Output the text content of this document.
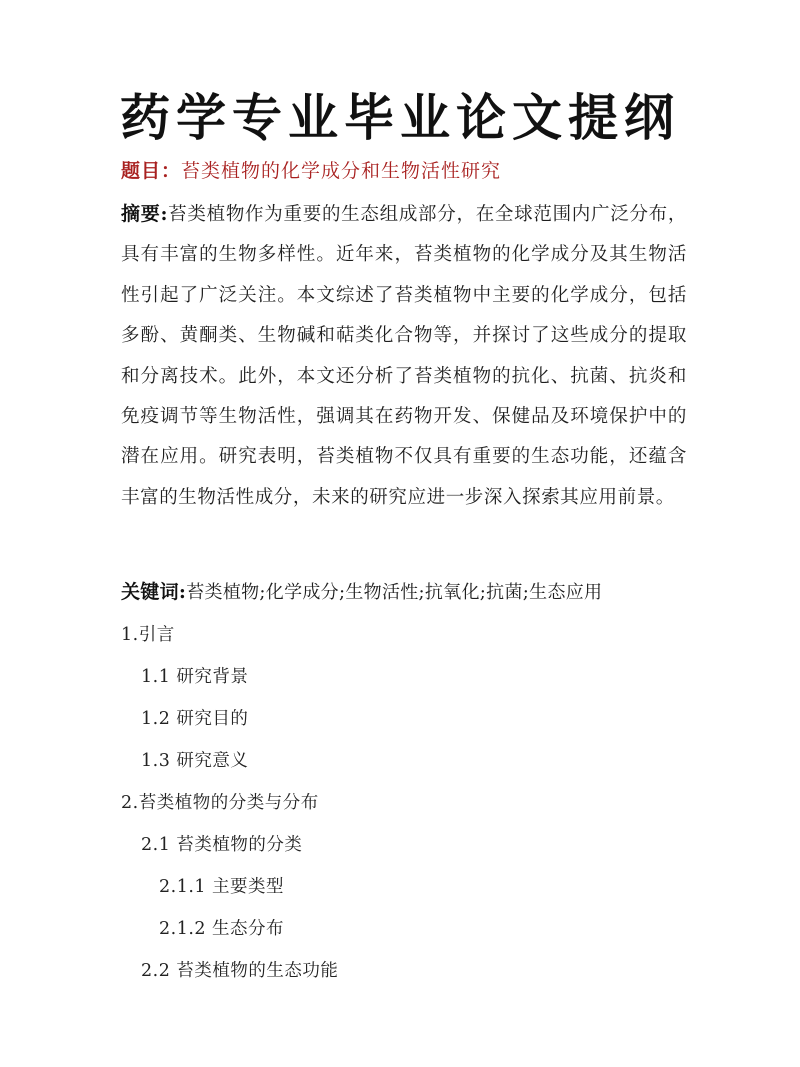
药学专业毕业论文提纲
题目：苔类植物的化学成分和生物活性研究
摘要:苔类植物作为重要的生态组成部分，在全球范围内广泛分布，具有丰富的生物多样性。近年来，苔类植物的化学成分及其生物活性引起了广泛关注。本文综述了苔类植物中主要的化学成分，包括多酚、黄酮类、生物碱和萜类化合物等，并探讨了这些成分的提取和分离技术。此外，本文还分析了苔类植物的抗化、抗菌、抗炎和免疫调节等生物活性，强调其在药物开发、保健品及环境保护中的潜在应用。研究表明，苔类植物不仅具有重要的生态功能，还蕴含丰富的生物活性成分，未来的研究应进一步深入探索其应用前景。
关键词:苔类植物;化学成分;生物活性;抗氧化;抗菌;生态应用
1.引言
1.1 研究背景
1.2 研究目的
1.3 研究意义
2.苔类植物的分类与分布
2.1 苔类植物的分类
2.1.1 主要类型
2.1.2 生态分布
2.2 苔类植物的生态功能
